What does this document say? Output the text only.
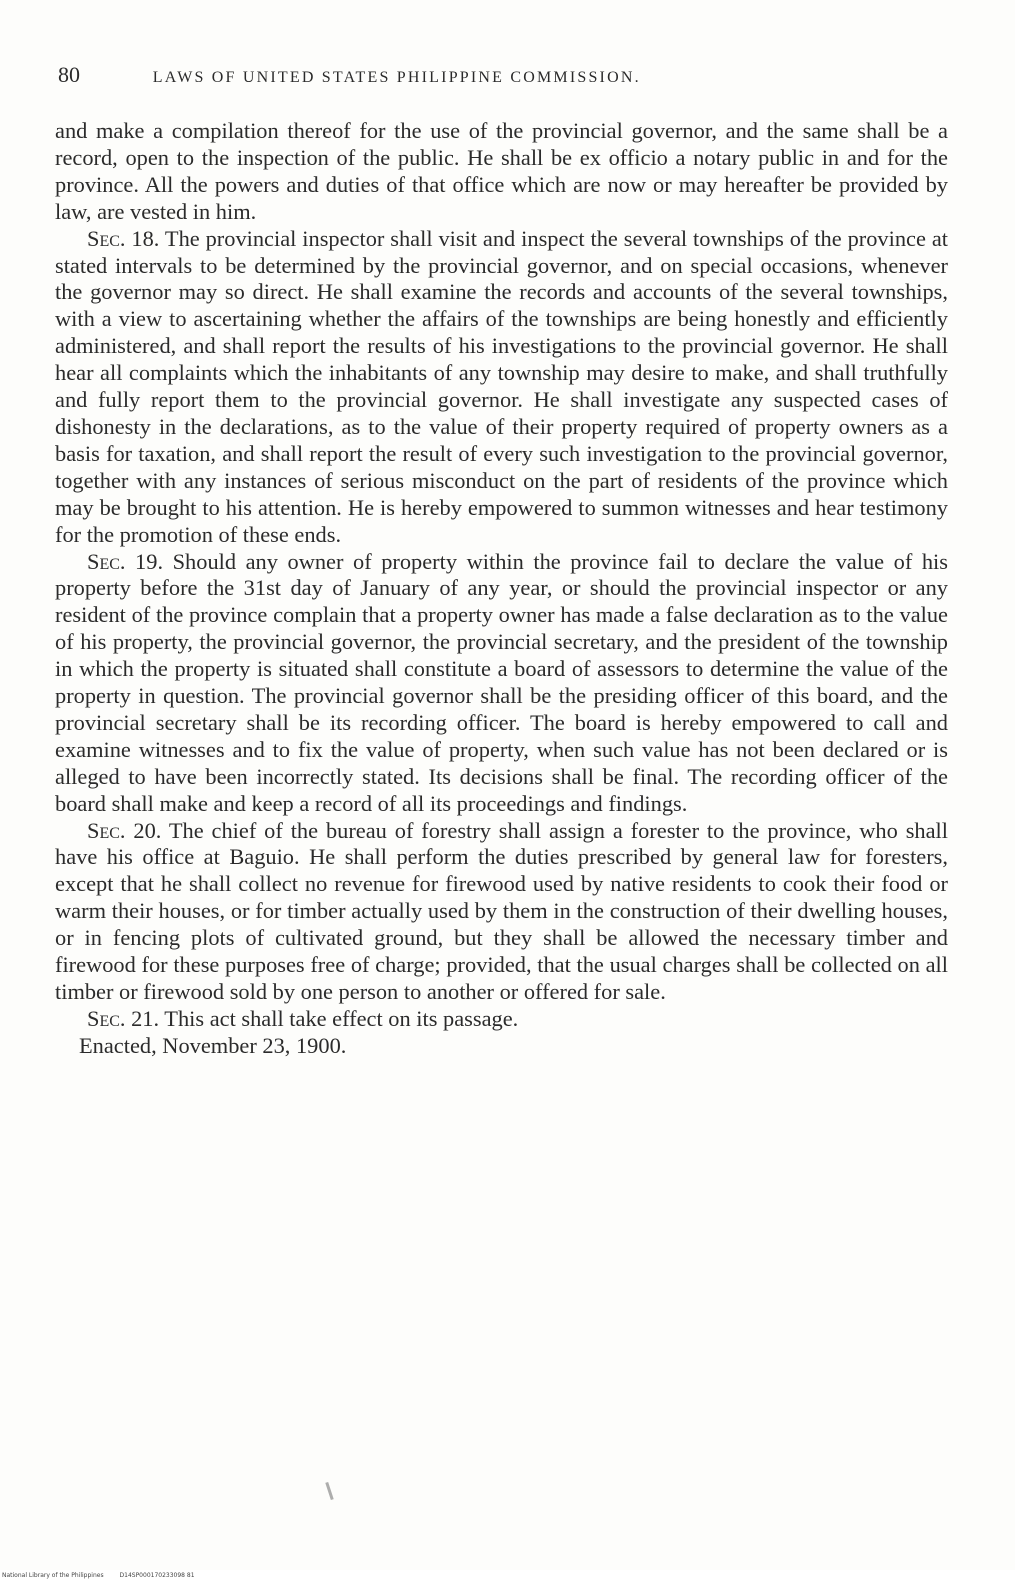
80	LAWS OF UNITED STATES PHILIPPINE COMMISSION.

and make a compilation thereof for the use of the provincial governor, and the same shall be a record, open to the inspection of the public. He shall be ex officio a notary public in and for the province. All the powers and duties of that office which are now or may hereafter be provided by law, are vested in him.

Sec. 18. The provincial inspector shall visit and inspect the several townships of the province at stated intervals to be determined by the provincial governor, and on special occasions, whenever the governor may so direct. He shall examine the records and accounts of the several townships, with a view to ascertaining whether the affairs of the townships are being honestly and efficiently administered, and shall report the results of his investigations to the provincial governor. He shall hear all complaints which the inhabitants of any township may desire to make, and shall truthfully and fully report them to the provincial governor. He shall investigate any suspected cases of dishonesty in the declarations, as to the value of their property required of property owners as a basis for taxation, and shall report the result of every such investigation to the provincial governor, together with any instances of serious misconduct on the part of residents of the province which may be brought to his attention. He is hereby empowered to summon witnesses and hear testimony for the promotion of these ends.

Sec. 19. Should any owner of property within the province fail to declare the value of his property before the 31st day of January of any year, or should the provincial inspector or any resident of the province complain that a property owner has made a false declaration as to the value of his property, the provincial governor, the provincial secretary, and the president of the township in which the property is situated shall constitute a board of assessors to determine the value of the property in question. The provincial governor shall be the presiding officer of this board, and the provincial secretary shall be its recording officer. The board is hereby empowered to call and examine witnesses and to fix the value of property, when such value has not been declared or is alleged to have been incorrectly stated. Its decisions shall be final. The recording officer of the board shall make and keep a record of all its proceedings and findings.

Sec. 20. The chief of the bureau of forestry shall assign a forester to the province, who shall have his office at Baguio. He shall perform the duties prescribed by general law for foresters, except that he shall collect no revenue for firewood used by native residents to cook their food or warm their houses, or for timber actually used by them in the construction of their dwelling houses, or in fencing plots of cultivated ground, but they shall be allowed the necessary timber and firewood for these purposes free of charge; provided, that the usual charges shall be collected on all timber or firewood sold by one person to another or offered for sale.

Sec. 21. This act shall take effect on its passage.

Enacted, November 23, 1900.

National Library of the Philippines	D14SP000170233098 81
